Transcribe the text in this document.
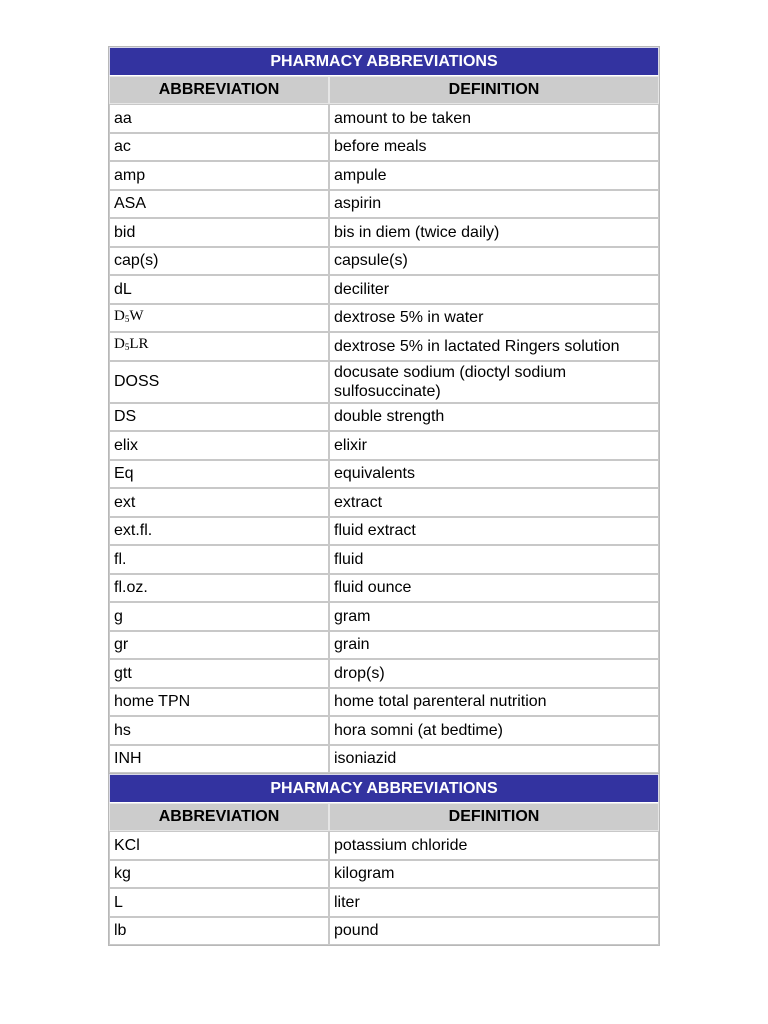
PHARMACY ABBREVIATIONS	
ABBREVIATION	DEFINITION
aa	amount to be taken
ac	before meals
amp	ampule
ASA	aspirin
bid	bis in diem (twice daily)
cap(s)	capsule(s)
dL	deciliter
$D_5W$	dextrose 5% in water
$D_5LR$	dextrose 5% in lactated Ringers solution
DOSS	docusate sodium (dioctyl sodium sulfosuccinate)
DS	double strength
elix	elixir
Eq	equivalents
ext	extract
ext.fl.	fluid extract
fl.	fluid
fl.oz.	fluid ounce
g	gram
gr	grain
gtt	drop(s)
home TPN	home total parenteral nutrition
hs	hora somni (at bedtime)
INH	isoniazid
PHARMACY ABBREVIATIONS	
ABBREVIATION	DEFINITION
KCl	potassium chloride
kg	kilogram
L	liter
lb	pound
